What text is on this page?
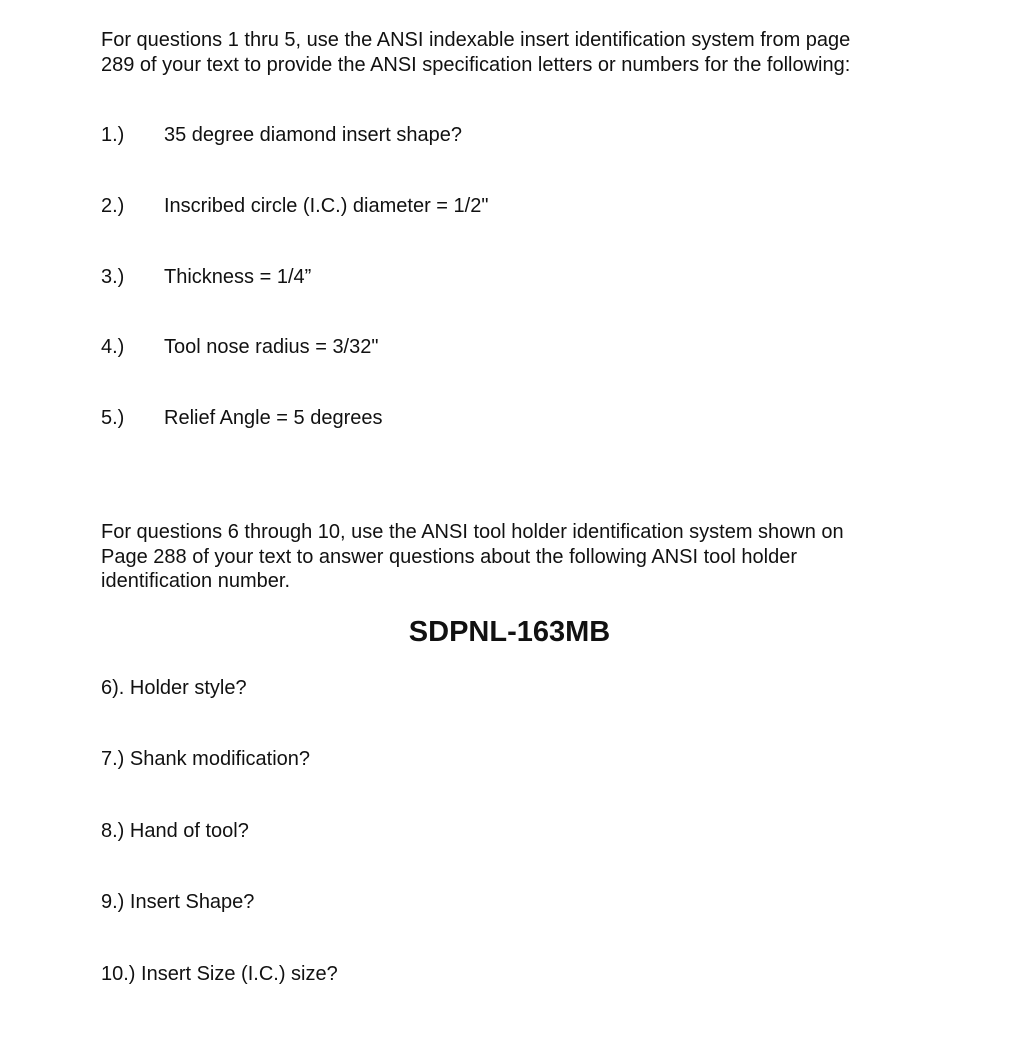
For questions 1 thru 5, use the ANSI indexable insert identification system from page
289 of your text to provide the ANSI specification letters or numbers for the following:
1.) 35 degree diamond insert shape?
2.) Inscribed circle (I.C.) diameter = 1/2"
3.) Thickness = 1/4”
4.) Tool nose radius = 3/32"
5.) Relief Angle = 5 degrees
For questions 6 through 10, use the ANSI tool holder identification system shown on
Page 288 of your text to answer questions about the following ANSI tool holder
identification number.
SDPNL-163MB
6). Holder style?
7.) Shank modification?
8.) Hand of tool?
9.) Insert Shape?
10.) Insert Size (I.C.) size?
